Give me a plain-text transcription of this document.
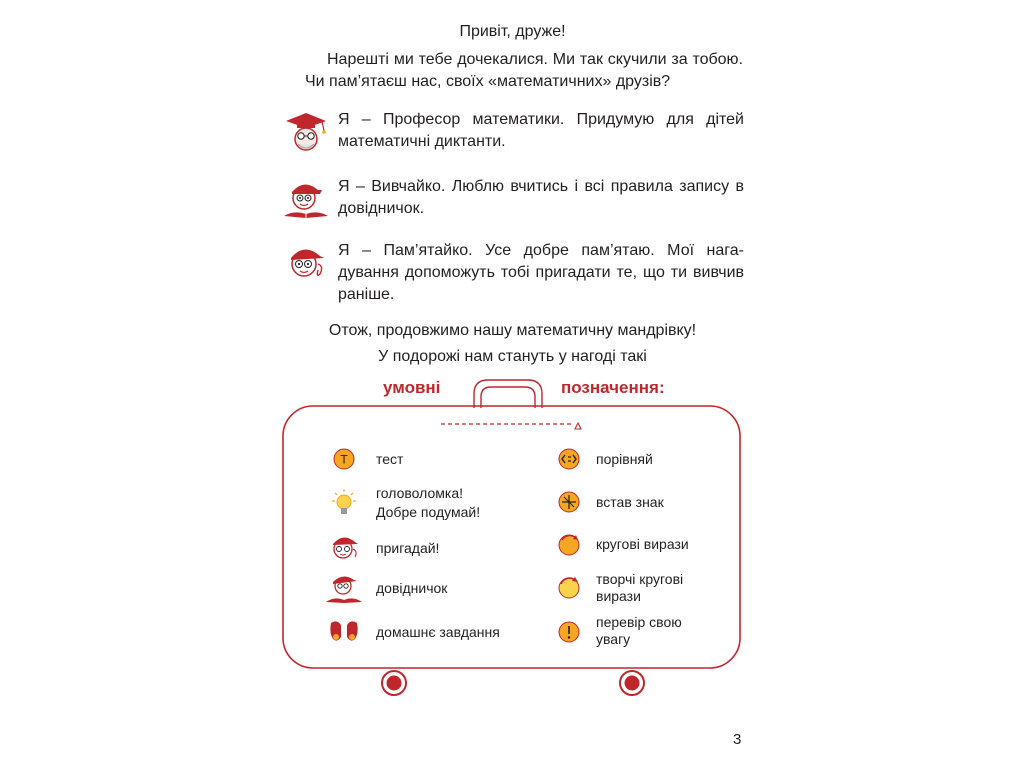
Привіт, друже!
Нарешті ми тебе дочекалися. Ми так скучили за тобою. Чи пам’ятаєш нас, своїх «математичних» друзів?
Я – Професор математики. Придумую для дітей математичні диктанти.
Я – Вивчайко. Люблю вчитись і всі правила запису в довідничок.
Я – Пам’ятайко. Усе добре пам’ятаю. Мої нага-дування допоможуть тобі пригадати те, що ти вивчив раніше.
Отож, продовжимо нашу математичну мандрівку!
У подорожі нам стануть у нагоді такі
умовні	позначення:
T тест
головоломка!
Добре подумай!
пригадай!
довідничок
домашнє завдання
порівняй
встав знак
кругові вирази
творчі кругові
вирази
перевір свою
увагу
3
